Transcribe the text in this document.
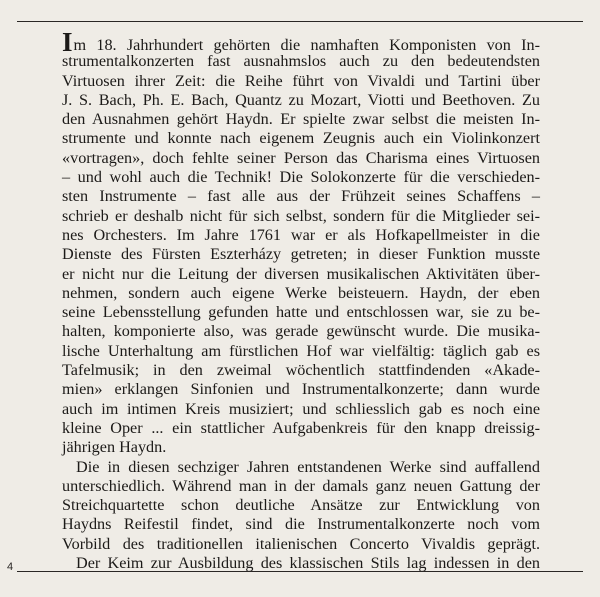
Im 18. Jahrhundert gehörten die namhaften Komponisten von In-
strumentalkonzerten fast ausnahmslos auch zu den bedeutendsten
Virtuosen ihrer Zeit: die Reihe führt von Vivaldi und Tartini über
J. S. Bach, Ph. E. Bach, Quantz zu Mozart, Viotti und Beethoven. Zu
den Ausnahmen gehört Haydn. Er spielte zwar selbst die meisten In-
strumente und konnte nach eigenem Zeugnis auch ein Violinkonzert
«vortragen», doch fehlte seiner Person das Charisma eines Virtuosen
– und wohl auch die Technik! Die Solokonzerte für die verschieden-
sten Instrumente – fast alle aus der Frühzeit seines Schaffens –
schrieb er deshalb nicht für sich selbst, sondern für die Mitglieder sei-
nes Orchesters. Im Jahre 1761 war er als Hofkapellmeister in die
Dienste des Fürsten Eszterházy getreten; in dieser Funktion musste
er nicht nur die Leitung der diversen musikalischen Aktivitäten über-
nehmen, sondern auch eigene Werke beisteuern. Haydn, der eben
seine Lebensstellung gefunden hatte und entschlossen war, sie zu be-
halten, komponierte also, was gerade gewünscht wurde. Die musika-
lische Unterhaltung am fürstlichen Hof war vielfältig: täglich gab es
Tafelmusik; in den zweimal wöchentlich stattfindenden «Akade-
mien» erklangen Sinfonien und Instrumentalkonzerte; dann wurde
auch im intimen Kreis musiziert; und schliesslich gab es noch eine
kleine Oper ... ein stattlicher Aufgabenkreis für den knapp dreissig-
jährigen Haydn.
Die in diesen sechziger Jahren entstandenen Werke sind auffallend
unterschiedlich. Während man in der damals ganz neuen Gattung der
Streichquartette schon deutliche Ansätze zur Entwicklung von
Haydns Reifestil findet, sind die Instrumentalkonzerte noch vom
Vorbild des traditionellen italienischen Concerto Vivaldis geprägt.
Der Keim zur Ausbildung des klassischen Stils lag indessen in den
4
